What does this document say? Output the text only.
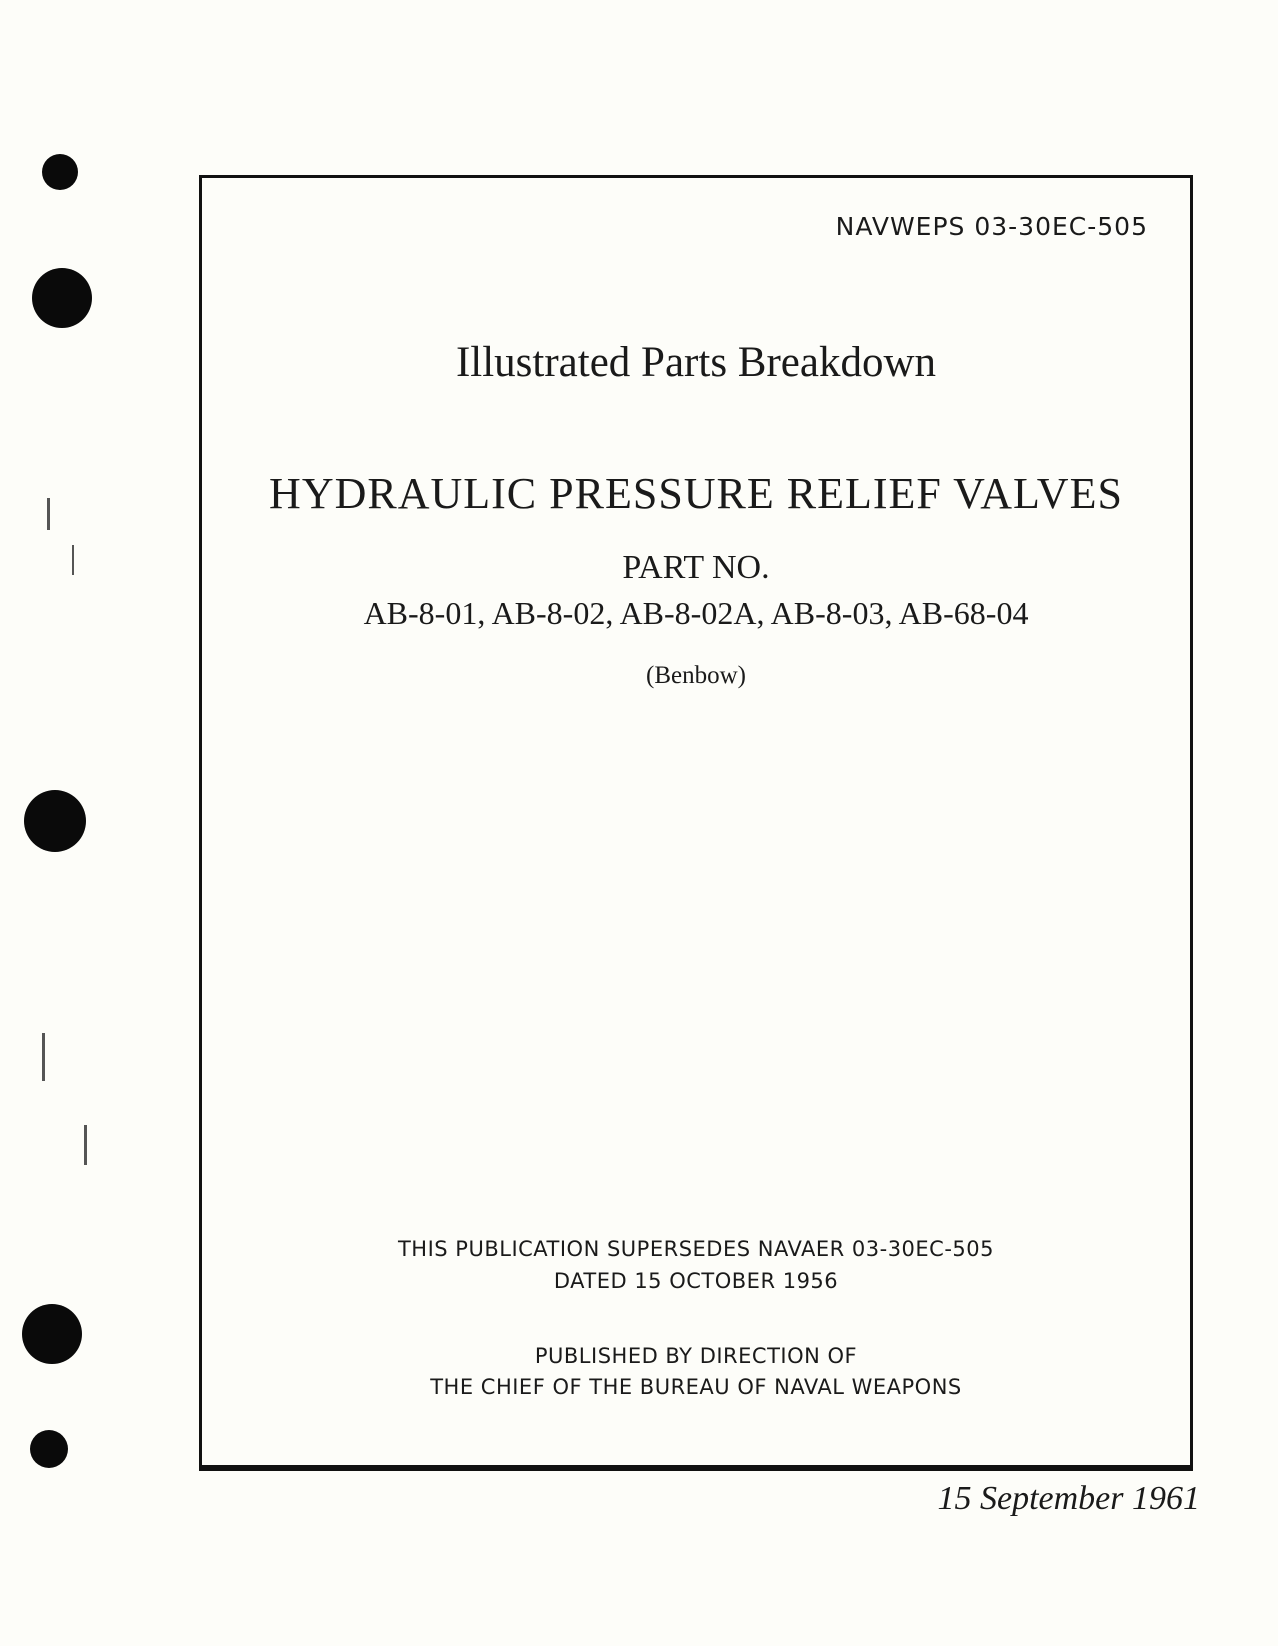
NAVWEPS 03-30EC-505
Illustrated Parts Breakdown
HYDRAULIC PRESSURE RELIEF VALVES
PART NO.
AB-8-01, AB-8-02, AB-8-02A, AB-8-03, AB-68-04
(Benbow)
THIS PUBLICATION SUPERSEDES NAVAER 03-30EC-505
DATED 15 OCTOBER 1956
PUBLISHED BY DIRECTION OF
THE CHIEF OF THE BUREAU OF NAVAL WEAPONS
15 September 1961
